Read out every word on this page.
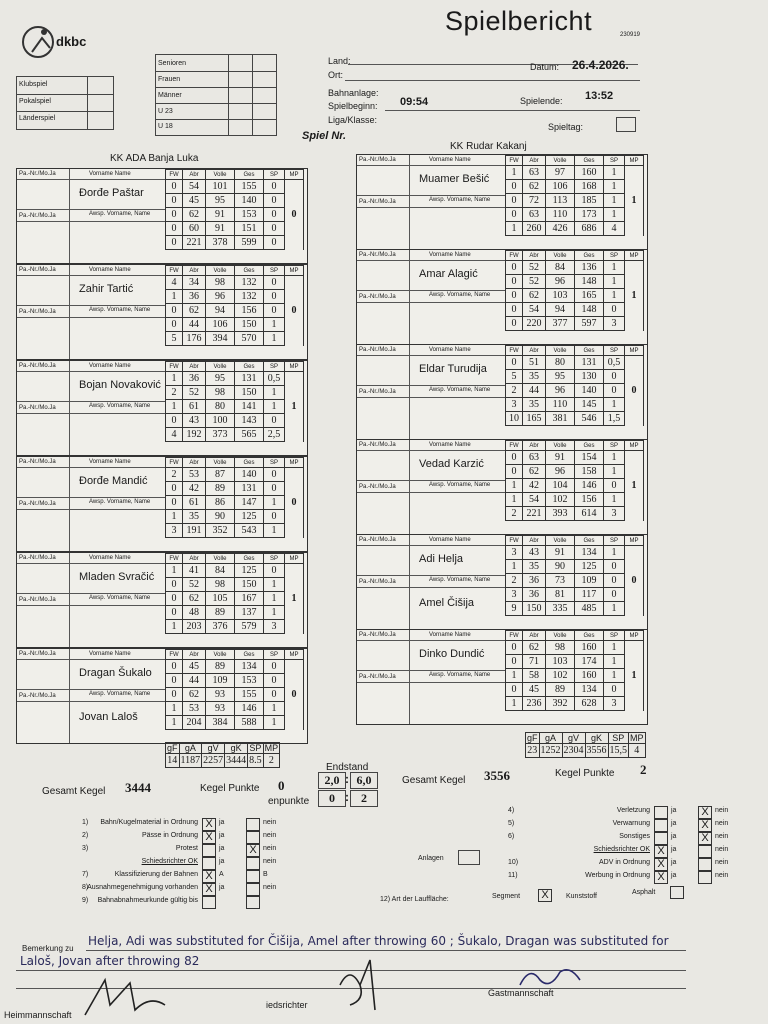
dkbc
Spielbericht	230919
Land:
Ort:
Datum: 26.4.2026.
Bahnanlage:
Spielbeginn: 09:54	Spielende: 13:52
Liga/Klasse:
Spieltag:
Spiel Nr.
Klubspiel
Pokalspiel
Länderspiel
Senioren
Frauen
Männer
U 23
U 18
KK ADA Banja Luka
KK Rudar Kakanj
Pa.-Nr./Mo.Ja	Vorname Name
Pa.-Nr./Mo.Ja	Awsp. Vorname, Name
Đorđe Paštar
FW	Abr	Volle	Ges	SP	MP
0	54	101	155	0	0
0	45	95	140	0	
0	62	91	153	0	
0	60	91	151	0	
0	221	378	599	0	
Pa.-Nr./Mo.Ja	Vorname Name
Pa.-Nr./Mo.Ja	Awsp. Vorname, Name
Zahir Tartić
FW	Abr	Volle	Ges	SP	MP
4	34	98	132	0	0
1	36	96	132	0	
0	62	94	156	0	
0	44	106	150	1	
5	176	394	570	1	
Pa.-Nr./Mo.Ja	Vorname Name
Pa.-Nr./Mo.Ja	Awsp. Vorname, Name
Bojan Novaković
FW	Abr	Volle	Ges	SP	MP
1	36	95	131	0,5	1
2	52	98	150	1	
1	61	80	141	1	
0	43	100	143	0	
4	192	373	565	2,5	
Pa.-Nr./Mo.Ja	Vorname Name
Pa.-Nr./Mo.Ja	Awsp. Vorname, Name
Đorđe Mandić
FW	Abr	Volle	Ges	SP	MP
2	53	87	140	0	0
0	42	89	131	0	
0	61	86	147	1	
1	35	90	125	0	
3	191	352	543	1	
Pa.-Nr./Mo.Ja	Vorname Name
Pa.-Nr./Mo.Ja	Awsp. Vorname, Name
Mladen Svračić
FW	Abr	Volle	Ges	SP	MP
1	41	84	125	0	1
0	52	98	150	1	
0	62	105	167	1	
0	48	89	137	1	
1	203	376	579	3	
Pa.-Nr./Mo.Ja	Vorname Name
Pa.-Nr./Mo.Ja	Awsp. Vorname, Name
Dragan Šukalo
Jovan Laloš
FW	Abr	Volle	Ges	SP	MP
0	45	89	134	0	0
0	44	109	153	0	
0	62	93	155	0	
1	53	93	146	1	
1	204	384	588	1	
Pa.-Nr./Mo.Ja	Vorname Name
Pa.-Nr./Mo.Ja	Awsp. Vorname, Name
Muamer Bešić
FW	Abr	Volle	Ges	SP	MP
1	63	97	160	1	1
0	62	106	168	1	
0	72	113	185	1	
0	63	110	173	1	
1	260	426	686	4	
Pa.-Nr./Mo.Ja	Vorname Name
Pa.-Nr./Mo.Ja	Awsp. Vorname, Name
Amar Alagić
FW	Abr	Volle	Ges	SP	MP
0	52	84	136	1	1
0	52	96	148	1	
0	62	103	165	1	
0	54	94	148	0	
0	220	377	597	3	
Pa.-Nr./Mo.Ja	Vorname Name
Pa.-Nr./Mo.Ja	Awsp. Vorname, Name
Eldar Turudija
FW	Abr	Volle	Ges	SP	MP
0	51	80	131	0,5	0
5	35	95	130	0	
2	44	96	140	0	
3	35	110	145	1	
10	165	381	546	1,5	
Pa.-Nr./Mo.Ja	Vorname Name
Pa.-Nr./Mo.Ja	Awsp. Vorname, Name
Vedad Karzić
FW	Abr	Volle	Ges	SP	MP
0	63	91	154	1	1
0	62	96	158	1	
1	42	104	146	0	
1	54	102	156	1	
2	221	393	614	3	
Pa.-Nr./Mo.Ja	Vorname Name
Pa.-Nr./Mo.Ja	Awsp. Vorname, Name
Adi Helja
Amel Čišija
FW	Abr	Volle	Ges	SP	MP
3	43	91	134	1	0
1	35	90	125	0	
2	36	73	109	0	
3	36	81	117	0	
9	150	335	485	1	
Pa.-Nr./Mo.Ja	Vorname Name
Pa.-Nr./Mo.Ja	Awsp. Vorname, Name
Dinko Dundić
FW	Abr	Volle	Ges	SP	MP
0	62	98	160	1	1
0	71	103	174	1	
1	58	102	160	1	
0	45	89	134	0	
1	236	392	628	3	
gF	gA	gV	gK	SP	MP
14	1187	2257	3444	8.5	2
gF	gA	gV	gK	SP	MP
23	1252	2304	3556	15,5	4
Gesamt Kegel 3444	Kegel Punkte 0
Endstand
2,0 : 6,0
enpunkte	0 :	2
Gesamt Kegel 3556	Kegel Punkte 2
1) Bahn/Kugelmaterial in Ordnung X ja	nein
2)	Pässe in Ordnung X ja	nein
3)	Protest	ja	X nein
Schiedsrichter OK	ja	nein
7)	Klassifizierung der Bahnen X A	B
8)
Ausnahmegenehmigung vorhanden X ja	nein
9) Bahnabnahmeurkunde gültig bis
4)	Verletzung	ja	X nein
5)	Verwarnung	ja	X nein
6)	Sonstiges	ja	X nein
Schiedsrichter OK X ja	nein
10)	ADV in Ordnung X ja	nein
11)	Werbung in Ordnung X ja	nein
Anlagen
12) Art der Lauffläche:	Segment	X	Kunststoff
Asphalt
Bemerkung zu
Helja, Adi was substituted for Čišija, Amel after throwing 60 ; Šukalo, Dragan was substituted for
Laloš, Jovan after throwing 82
Heimmannschaft
iedsrichter
Gastmannschaft
